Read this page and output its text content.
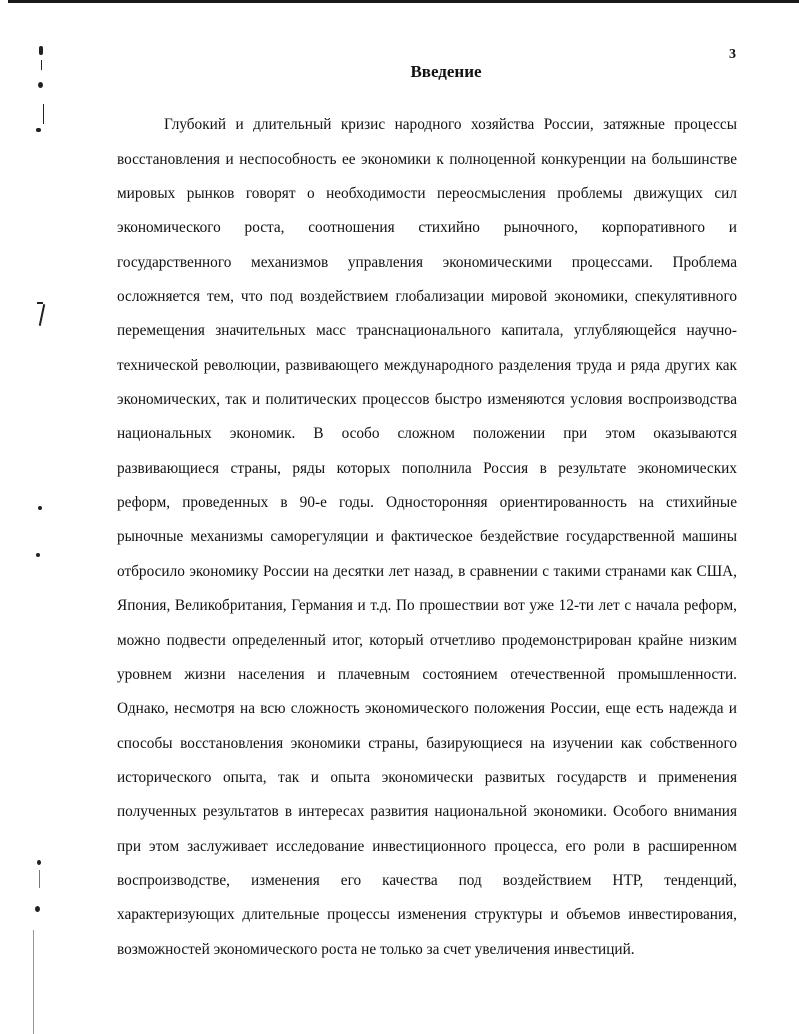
3
Введение
Глубокий и длительный кризис народного хозяйства России, затяжные процессы
восстановления и неспособность ее экономики к полноценной конкуренции на большинстве
мировых рынков говорят о необходимости переосмысления проблемы движущих сил
экономического роста, соотношения стихийно рыночного, корпоративного и
государственного механизмов управления экономическими процессами. Проблема
осложняется тем, что под воздействием глобализации мировой экономики, спекулятивного
перемещения значительных масс транснационального капитала, углубляющейся научно-
технической революции, развивающего международного разделения труда и ряда других как
экономических, так и политических процессов быстро изменяются условия воспроизводства
национальных экономик. В особо сложном положении при этом оказываются
развивающиеся страны, ряды которых пополнила Россия в результате экономических
реформ, проведенных в 90-е годы. Односторонняя ориентированность на стихийные
рыночные механизмы саморегуляции и фактическое бездействие государственной машины
отбросило экономику России на десятки лет назад, в сравнении с такими странами как США,
Япония, Великобритания, Германия и т.д. По прошествии вот уже 12-ти лет с начала реформ,
можно подвести определенный итог, который отчетливо продемонстрирован крайне низким
уровнем жизни населения и плачевным состоянием отечественной промышленности.
Однако, несмотря на всю сложность экономического положения России, еще есть надежда и
способы восстановления экономики страны, базирующиеся на изучении как собственного
исторического опыта, так и опыта экономически развитых государств и применения
полученных результатов в интересах развития национальной экономики. Особого внимания
при этом заслуживает исследование инвестиционного процесса, его роли в расширенном
воспроизводстве, изменения его качества под воздействием НТР, тенденций,
характеризующих длительные процессы изменения структуры и объемов инвестирования,
возможностей экономического роста не только за счет увеличения инвестиций.
